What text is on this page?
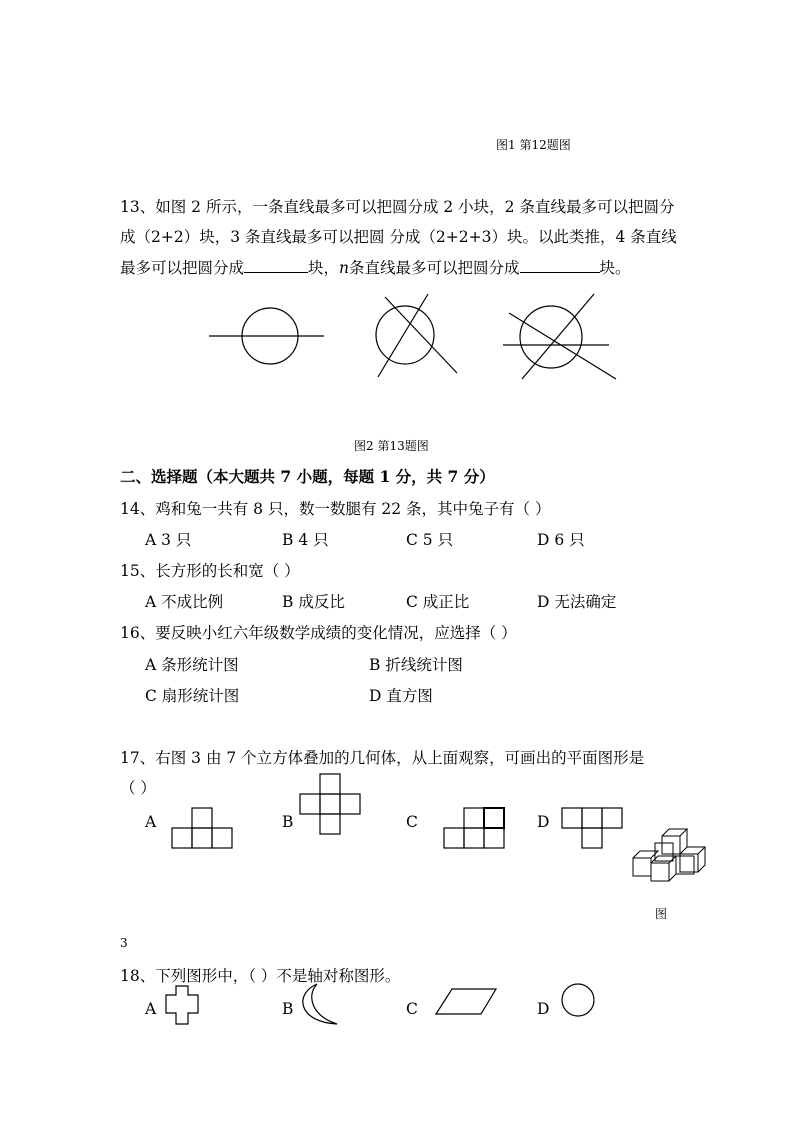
图1 第12题图
13、如图 2 所示，一条直线最多可以把圆分成 2 小块，2 条直线最多可以把圆分
成（2+2）块，3 条直线最多可以把圆 分成（2+2+3）块。以此类推，4 条直线
最多可以把圆分成	块，n条直线最多可以把圆分成	块。
图2 第13题图
二、选择题（本大题共 7 小题，每题 1 分，共 7 分）
14、鸡和兔一共有 8 只，数一数腿有 22 条，其中兔子有（ ）
A 3 只	B 4 只	C 5 只	D 6 只
15、长方形的长和宽（ ）
A 不成比例	B 成反比	C 成正比	D 无法确定
16、要反映小红六年级数学成绩的变化情况，应选择（ ）
A 条形统计图	B 折线统计图
C 扇形统计图	D 直方图
17、右图 3 由 7 个立方体叠加的几何体，从上面观察，可画出的平面图形是
（ ）
A	B	C	D
图
3
18、下列图形中，（ ）不是轴对称图形。
A	B	C	D
